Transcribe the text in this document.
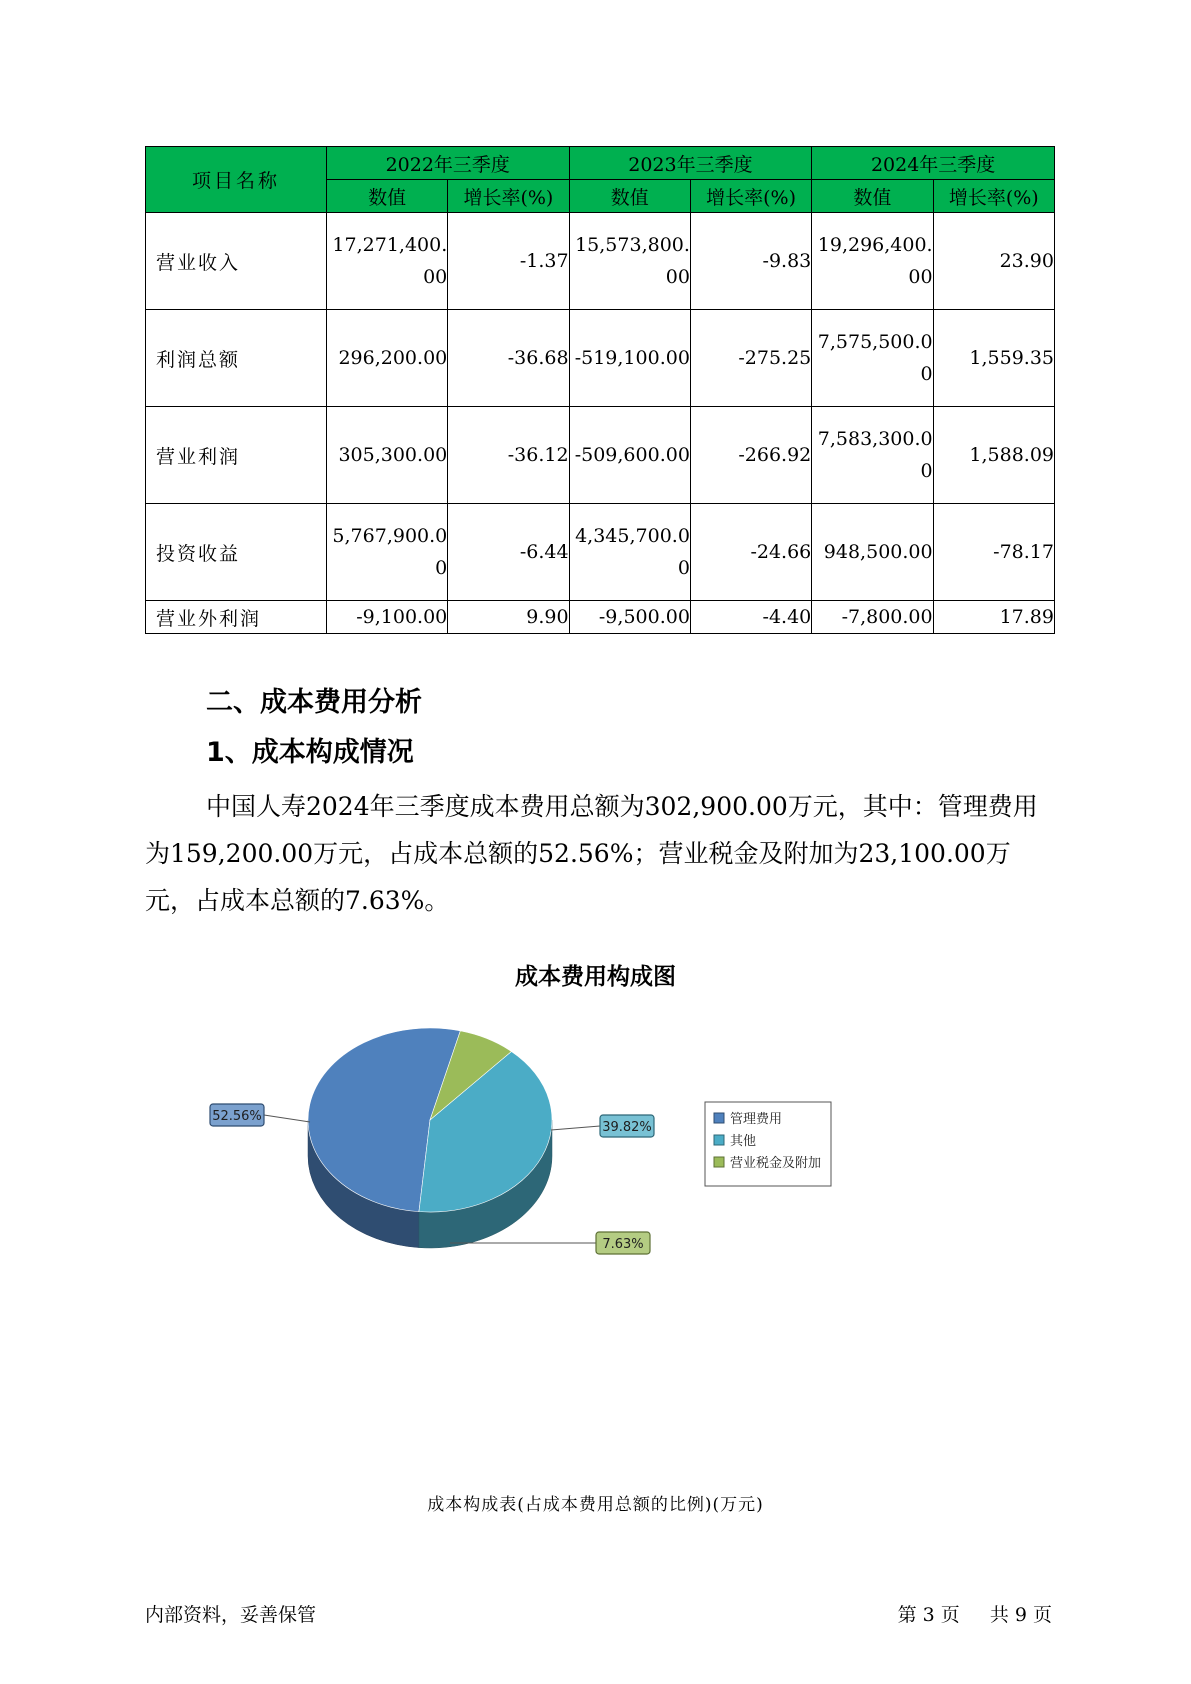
项目名称	2022年三季度		2023年三季度		2024年三季度	
	数值	增长率(%)	数值	增长率(%)	数值	增长率(%)
营业收入	17,271,400.00	-1.37	15,573,800.00	-9.83	19,296,400.00	23.90

利润总额	296,200.00	-36.68	-519,100.00	-275.25	7,575,500.00	1,559.35

营业利润	305,300.00	-36.12	-509,600.00	-266.92	7,583,300.00	1,588.09

投资收益	5,767,900.00	-6.44	4,345,700.00	-24.66	948,500.00	-78.17

营业外利润	-9,100.00	9.90	-9,500.00	-4.40	-7,800.00	17.89
二、成本费用分析
1、成本构成情况

中国人寿2024年三季度成本费用总额为302,900.00万元，其中：管理费用为159,200.00万元，占成本总额的52.56%；营业税金及附加为23,100.00万元，占成本总额的7.63%。

成本费用构成图
52.56%
39.82%
7.63%
管理费用
其他
营业税金及附加
成本构成表(占成本费用总额的比例)(万元)
内部资料，妥善保管	第 3 页 共 9 页
